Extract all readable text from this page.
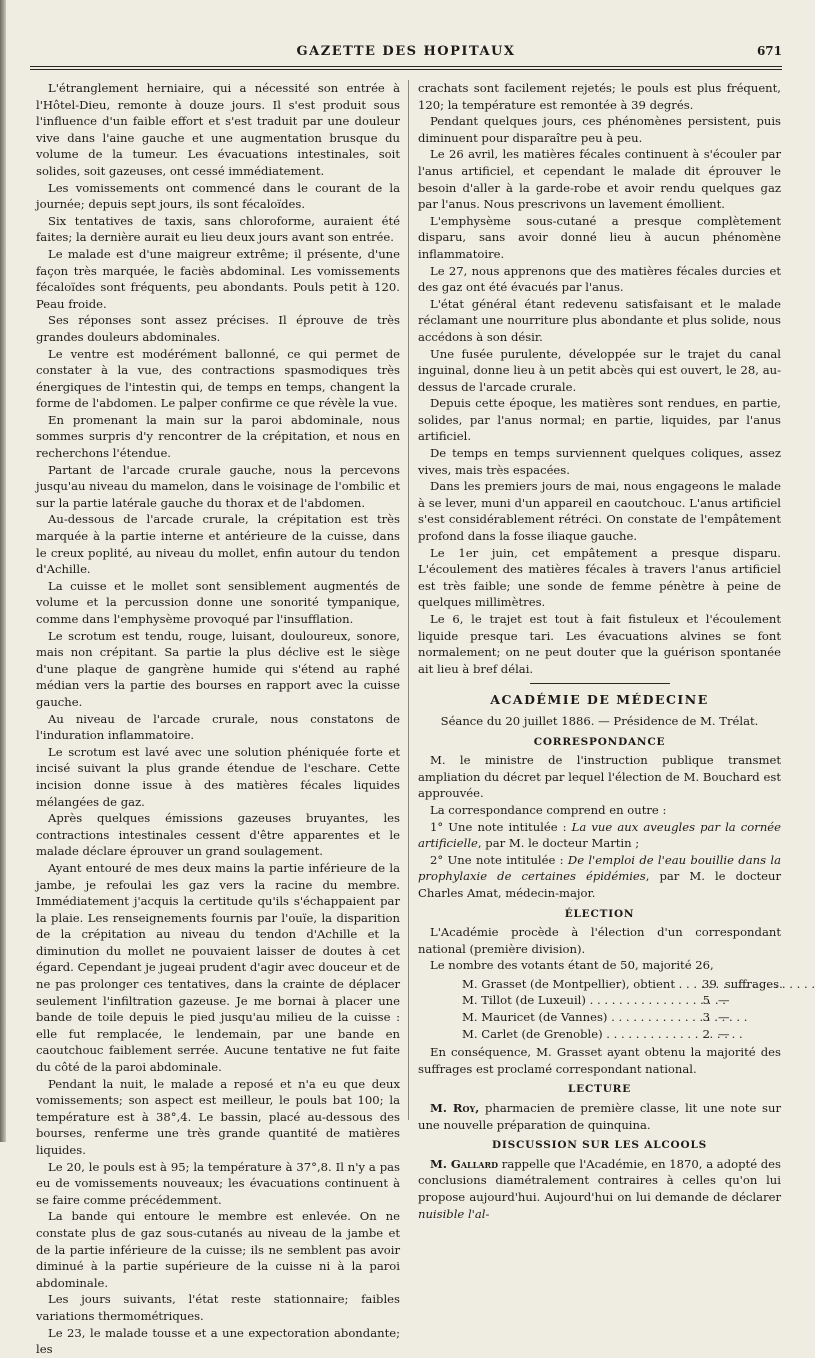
GAZETTE DES HOPITAUX	671

L'étranglement herniaire, qui a nécessité son entrée à l'Hôtel-Dieu, remonte à douze jours. Il s'est produit sous l'influence d'un faible effort et s'est traduit par une douleur vive dans l'aine gauche et une augmentation brusque du volume de la tumeur. Les évacuations intestinales, soit solides, soit gazeuses, ont cessé immédiatement.

Les vomissements ont commencé dans le courant de la journée; depuis sept jours, ils sont fécaloïdes.

Six tentatives de taxis, sans chloroforme, auraient été faites; la dernière aurait eu lieu deux jours avant son entrée.

Le malade est d'une maigreur extrême; il présente, d'une façon très marquée, le faciès abdominal. Les vomissements fécaloïdes sont fréquents, peu abondants. Pouls petit à 120. Peau froide.

Ses réponses sont assez précises. Il éprouve de très grandes douleurs abdominales.

Le ventre est modérément ballonné, ce qui permet de constater à la vue, des contractions spasmodiques très énergiques de l'intestin qui, de temps en temps, changent la forme de l'abdomen. Le palper confirme ce que révèle la vue.

En promenant la main sur la paroi abdominale, nous sommes surpris d'y rencontrer de la crépitation, et nous en recherchons l'étendue.

Partant de l'arcade crurale gauche, nous la percevons jusqu'au niveau du mamelon, dans le voisinage de l'ombilic et sur la partie latérale gauche du thorax et de l'abdomen.

Au-dessous de l'arcade crurale, la crépitation est très marquée à la partie interne et antérieure de la cuisse, dans le creux poplité, au niveau du mollet, enfin autour du tendon d'Achille.

La cuisse et le mollet sont sensiblement augmentés de volume et la percussion donne une sonorité tympanique, comme dans l'emphysème provoqué par l'insufflation.

Le scrotum est tendu, rouge, luisant, douloureux, sonore, mais non crépitant. Sa partie la plus déclive est le siège d'une plaque de gangrène humide qui s'étend au raphé médian vers la partie des bourses en rapport avec la cuisse gauche.

Au niveau de l'arcade crurale, nous constatons de l'induration inflammatoire.

Le scrotum est lavé avec une solution phéniquée forte et incisé suivant la plus grande étendue de l'eschare. Cette incision donne issue à des matières fécales liquides mélangées de gaz.

Après quelques émissions gazeuses bruyantes, les contractions intestinales cessent d'être apparentes et le malade déclare éprouver un grand soulagement.

Ayant entouré de mes deux mains la partie inférieure de la jambe, je refoulai les gaz vers la racine du membre. Immédiatement j'acquis la certitude qu'ils s'échappaient par la plaie. Les renseignements fournis par l'ouïe, la disparition de la crépitation au niveau du tendon d'Achille et la diminution du mollet ne pouvaient laisser de doutes à cet égard. Cependant je jugeai prudent d'agir avec douceur et de ne pas prolonger ces tentatives, dans la crainte de déplacer seulement l'infiltration gazeuse. Je me bornai à placer une bande de toile depuis le pied jusqu'au milieu de la cuisse : elle fut remplacée, le lendemain, par une bande en caoutchouc faiblement serrée. Aucune tentative ne fut faite du côté de la paroi abdominale.

Pendant la nuit, le malade a reposé et n'a eu que deux vomissements; son aspect est meilleur, le pouls bat 100; la température est à 38°,4. Le bassin, placé au-dessous des bourses, renferme une très grande quantité de matières liquides.

Le 20, le pouls est à 95; la température à 37°,8. Il n'y a pas eu de vomissements nouveaux; les évacuations continuent à se faire comme précédemment.

La bande qui entoure le membre est enlevée. On ne constate plus de gaz sous-cutanés au niveau de la jambe et de la partie inférieure de la cuisse; ils ne semblent pas avoir diminué à la partie supérieure de la cuisse ni à la paroi abdominale.

Les jours suivants, l'état reste stationnaire; faibles variations thermométriques.

Le 23, le malade tousse et a une expectoration abondante; les

crachats sont facilement rejetés; le pouls est plus fréquent, 120; la température est remontée à 39 degrés.

Pendant quelques jours, ces phénomènes persistent, puis diminuent pour disparaître peu à peu.

Le 26 avril, les matières fécales continuent à s'écouler par l'anus artificiel, et cependant le malade dit éprouver le besoin d'aller à la garde-robe et avoir rendu quelques gaz par l'anus. Nous prescrivons un lavement émollient.

L'emphysème sous-cutané a presque complètement disparu, sans avoir donné lieu à aucun phénomène inflammatoire.

Le 27, nous apprenons que des matières fécales durcies et des gaz ont été évacués par l'anus.

L'état général étant redevenu satisfaisant et le malade réclamant une nourriture plus abondante et plus solide, nous accédons à son désir.

Une fusée purulente, développée sur le trajet du canal inguinal, donne lieu à un petit abcès qui est ouvert, le 28, au-dessus de l'arcade crurale.

Depuis cette époque, les matières sont rendues, en partie, solides, par l'anus normal; en partie, liquides, par l'anus artificiel.

De temps en temps surviennent quelques coliques, assez vives, mais très espacées.

Dans les premiers jours de mai, nous engageons le malade à se lever, muni d'un appareil en caoutchouc. L'anus artificiel s'est considérablement rétréci. On constate de l'empâtement profond dans la fosse iliaque gauche.

Le 1er juin, cet empâtement a presque disparu. L'écoulement des matières fécales à travers l'anus artificiel est très faible; une sonde de femme pénètre à peine de quelques millimètres.

Le 6, le trajet est tout à fait fistuleux et l'écoulement liquide presque tari. Les évacuations alvines se font normalement; on ne peut douter que la guérison spontanée ait lieu à bref délai.

ACADÉMIE DE MÉDECINE
Séance du 20 juillet 1886. — Présidence de M. Trélat.
CORRESPONDANCE

M. le ministre de l'instruction publique transmet ampliation du décret par lequel l'élection de M. Bouchard est approuvée.

La correspondance comprend en outre :

1° Une note intitulée : La vue aux aveugles par la cornée artificielle, par M. le docteur Martin ;

2° Une note intitulée : De l'emploi de l'eau bouillie dans la prophylaxie de certaines épidémies, par M. le docteur Charles Amat, médecin-major.

ÉLECTION

L'Académie procède à l'élection d'un correspondant national (première division).

Le nombre des votants étant de 50, majorité 26,

M. Grasset (de Montpellier), obtient . . .	39 suffrages.
M. Tillot (de Luxeuil) . . .	5 —
M. Mauricet (de Vannes) . . .	3 —
M. Carlet (de Grenoble) . . .	2 —

En conséquence, M. Grasset ayant obtenu la majorité des suffrages est proclamé correspondant national.

LECTURE

M. Roy, pharmacien de première classe, lit une note sur une nouvelle préparation de quinquina.

DISCUSSION SUR LES ALCOOLS

M. Gallard rappelle que l'Académie, en 1870, a adopté des conclusions diamétralement contraires à celles qu'on lui propose aujourd'hui. Aujourd'hui on lui demande de déclarer nuisible l'al-
